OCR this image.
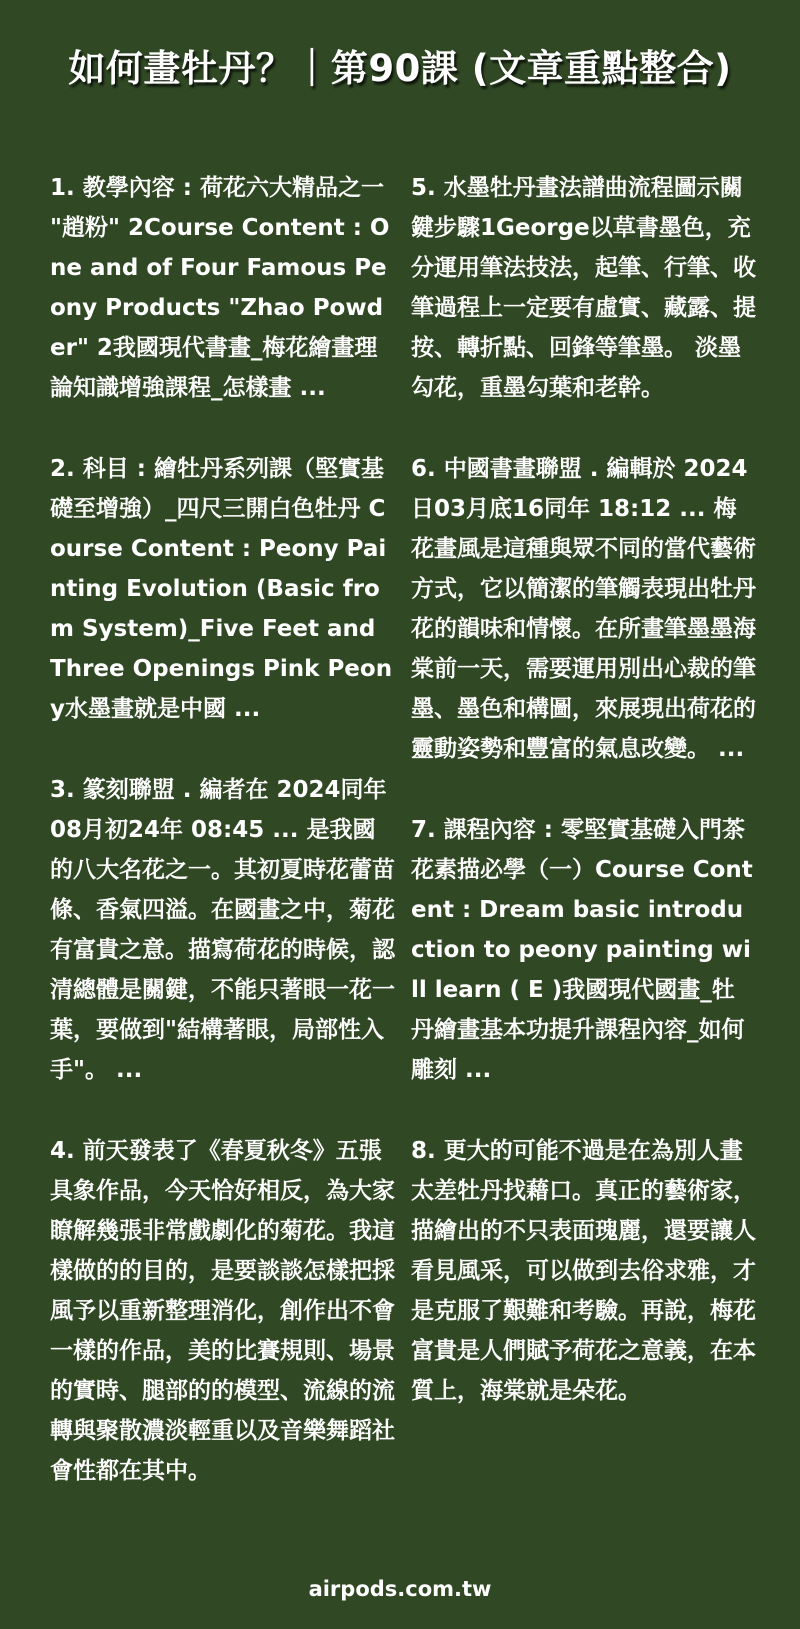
如何畫牡丹？｜第90課 (文章重點整合)

1. 教學內容 : 荷花六大精品之一 "趙粉" 2Course Content : One and of Four Famous Peony Products "Zhao Powder" 2我國現代書畫_梅花繪畫理論知識增強課程_怎樣畫 ...

2. 科目 : 繪牡丹系列課（堅實基礎至增強）_四尺三開白色牡丹 Course Content : Peony Painting Evolution (Basic from System)_Five Feet and Three Openings Pink Peony水墨畫就是中國 ...

3. 篆刻聯盟 . 編者在 2024同年08月初24年 08:45 ... 是我國的八大名花之一。其初夏時花蕾苗條、香氣四溢。在國畫之中，菊花有富貴之意。描寫荷花的時候，認清總體是關鍵，不能只著眼一花一葉，要做到"結構著眼，局部性入手"。 ...

4. 前天發表了《春夏秋冬》五張具象作品，今天恰好相反，為大家瞭解幾張非常戲劇化的菊花。我這樣做的的目的，是要談談怎樣把採風予以重新整理消化，創作出不會一樣的作品，美的比賽規則、場景的實時、腿部的的模型、流線的流轉與聚散濃淡輕重以及音樂舞蹈社會性都在其中。

5. 水墨牡丹畫法譜曲流程圖示關鍵步驟1George以草書墨色，充分運用筆法技法，起筆、行筆、收筆過程上一定要有虛實、藏露、提按、轉折點、回鋒等筆墨。 淡墨勾花，重墨勾葉和老幹。

6. 中國書畫聯盟 . 編輯於 2024日03月底16同年 18:12 ... 梅花畫風是這種與眾不同的當代藝術方式，它以簡潔的筆觸表現出牡丹花的韻味和情懷。在所畫筆墨墨海棠前一天，需要運用別出心裁的筆墨、墨色和構圖，來展現出荷花的靈動姿勢和豐富的氣息改變。 ...

7. 課程內容 : 零堅實基礎入門茶花素描必學（一）Course Content : Dream basic introduction to peony painting will learn ( E )我國現代國畫_牡丹繪畫基本功提升課程內容_如何雕刻 ...

8. 更大的可能不過是在為別人畫太差牡丹找藉口。真正的藝術家，描繪出的不只表面瑰麗，還要讓人看見風采，可以做到去俗求雅，才是克服了艱難和考驗。再說，梅花富貴是人們賦予荷花之意義，在本質上，海棠就是朵花。

airpods.com.tw
